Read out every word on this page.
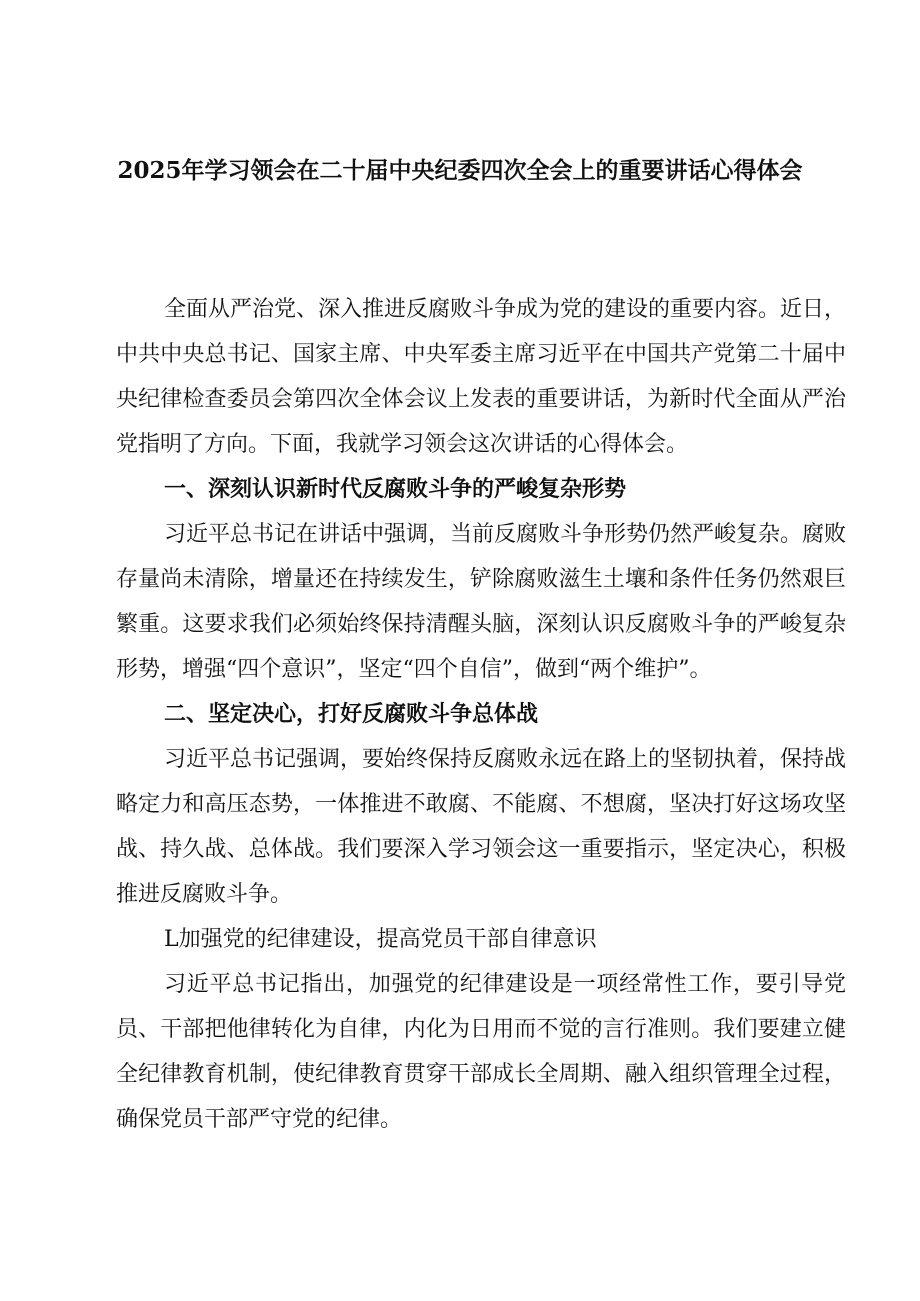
2025年学习领会在二十届中央纪委四次全会上的重要讲话心得体会

全面从严治党、深入推进反腐败斗争成为党的建设的重要内容。近日，中共中央总书记、国家主席、中央军委主席习近平在中国共产党第二十届中央纪律检查委员会第四次全体会议上发表的重要讲话，为新时代全面从严治党指明了方向。下面，我就学习领会这次讲话的心得体会。

一、深刻认识新时代反腐败斗争的严峻复杂形势

习近平总书记在讲话中强调，当前反腐败斗争形势仍然严峻复杂。腐败存量尚未清除，增量还在持续发生，铲除腐败滋生土壤和条件任务仍然艰巨繁重。这要求我们必须始终保持清醒头脑，深刻认识反腐败斗争的严峻复杂形势，增强“四个意识”，坚定“四个自信”，做到“两个维护”。

二、坚定决心，打好反腐败斗争总体战

习近平总书记强调，要始终保持反腐败永远在路上的坚韧执着，保持战略定力和高压态势，一体推进不敢腐、不能腐、不想腐，坚决打好这场攻坚战、持久战、总体战。我们要深入学习领会这一重要指示，坚定决心，积极推进反腐败斗争。

L加强党的纪律建设，提高党员干部自律意识

习近平总书记指出，加强党的纪律建设是一项经常性工作，要引导党员、干部把他律转化为自律，内化为日用而不觉的言行准则。我们要建立健全纪律教育机制，使纪律教育贯穿干部成长全周期、融入组织管理全过程，确保党员干部严守党的纪律。
